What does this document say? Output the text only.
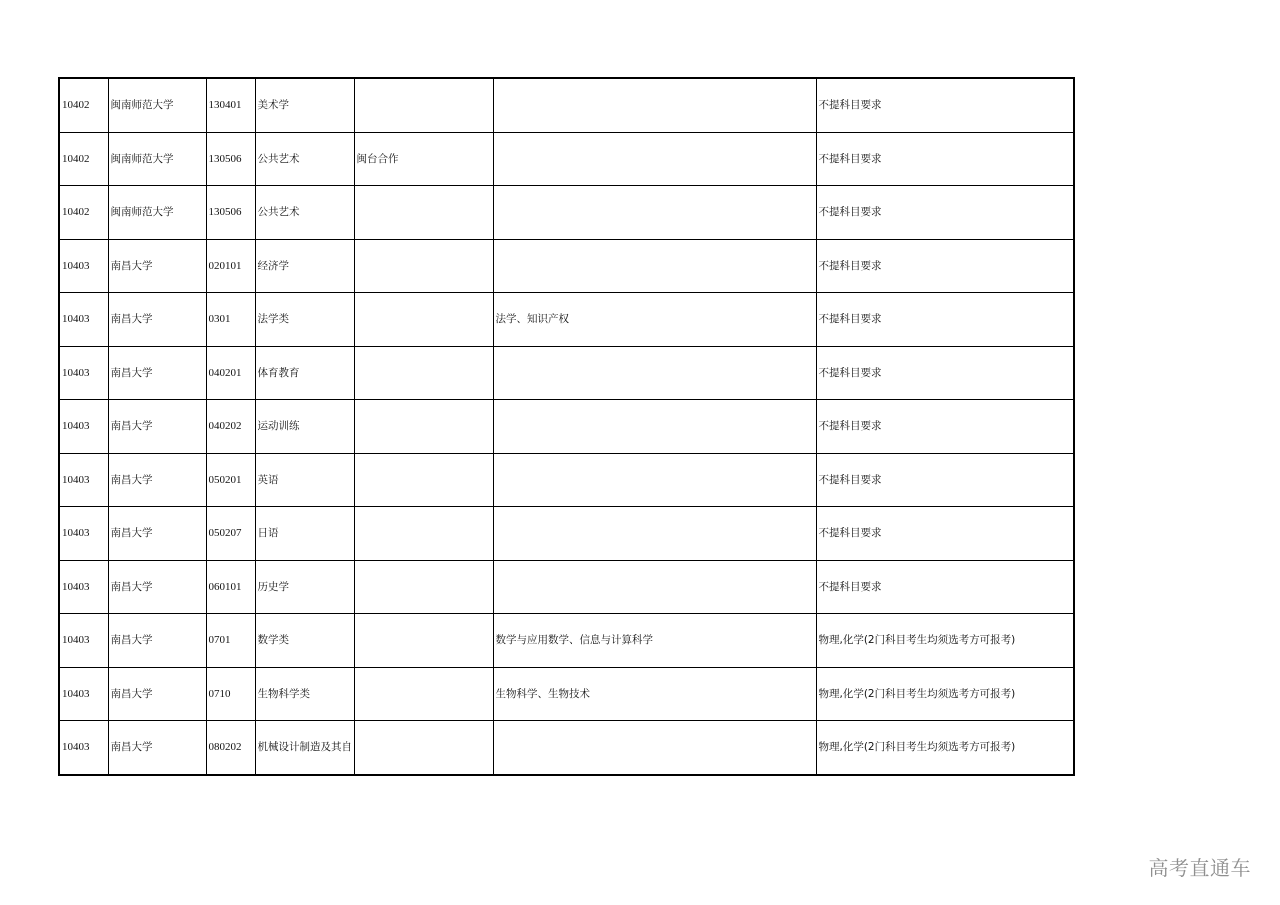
10402	闽南师范大学	130401	美术学			不提科目要求
10402	闽南师范大学	130506	公共艺术	闽台合作		不提科目要求
10402	闽南师范大学	130506	公共艺术			不提科目要求
10403	南昌大学	020101	经济学			不提科目要求
10403	南昌大学	0301	法学类		法学、知识产权	不提科目要求
10403	南昌大学	040201	体育教育			不提科目要求
10403	南昌大学	040202	运动训练			不提科目要求
10403	南昌大学	050201	英语			不提科目要求
10403	南昌大学	050207	日语			不提科目要求
10403	南昌大学	060101	历史学			不提科目要求
10403	南昌大学	0701	数学类		数学与应用数学、信息与计算科学	物理,化学(2门科目考生均须选考方可报考)
10403	南昌大学	0710	生物科学类		生物科学、生物技术	物理,化学(2门科目考生均须选考方可报考)
10403	南昌大学	080202	机械设计制造及其自			物理,化学(2门科目考生均须选考方可报考)
高考直通车
